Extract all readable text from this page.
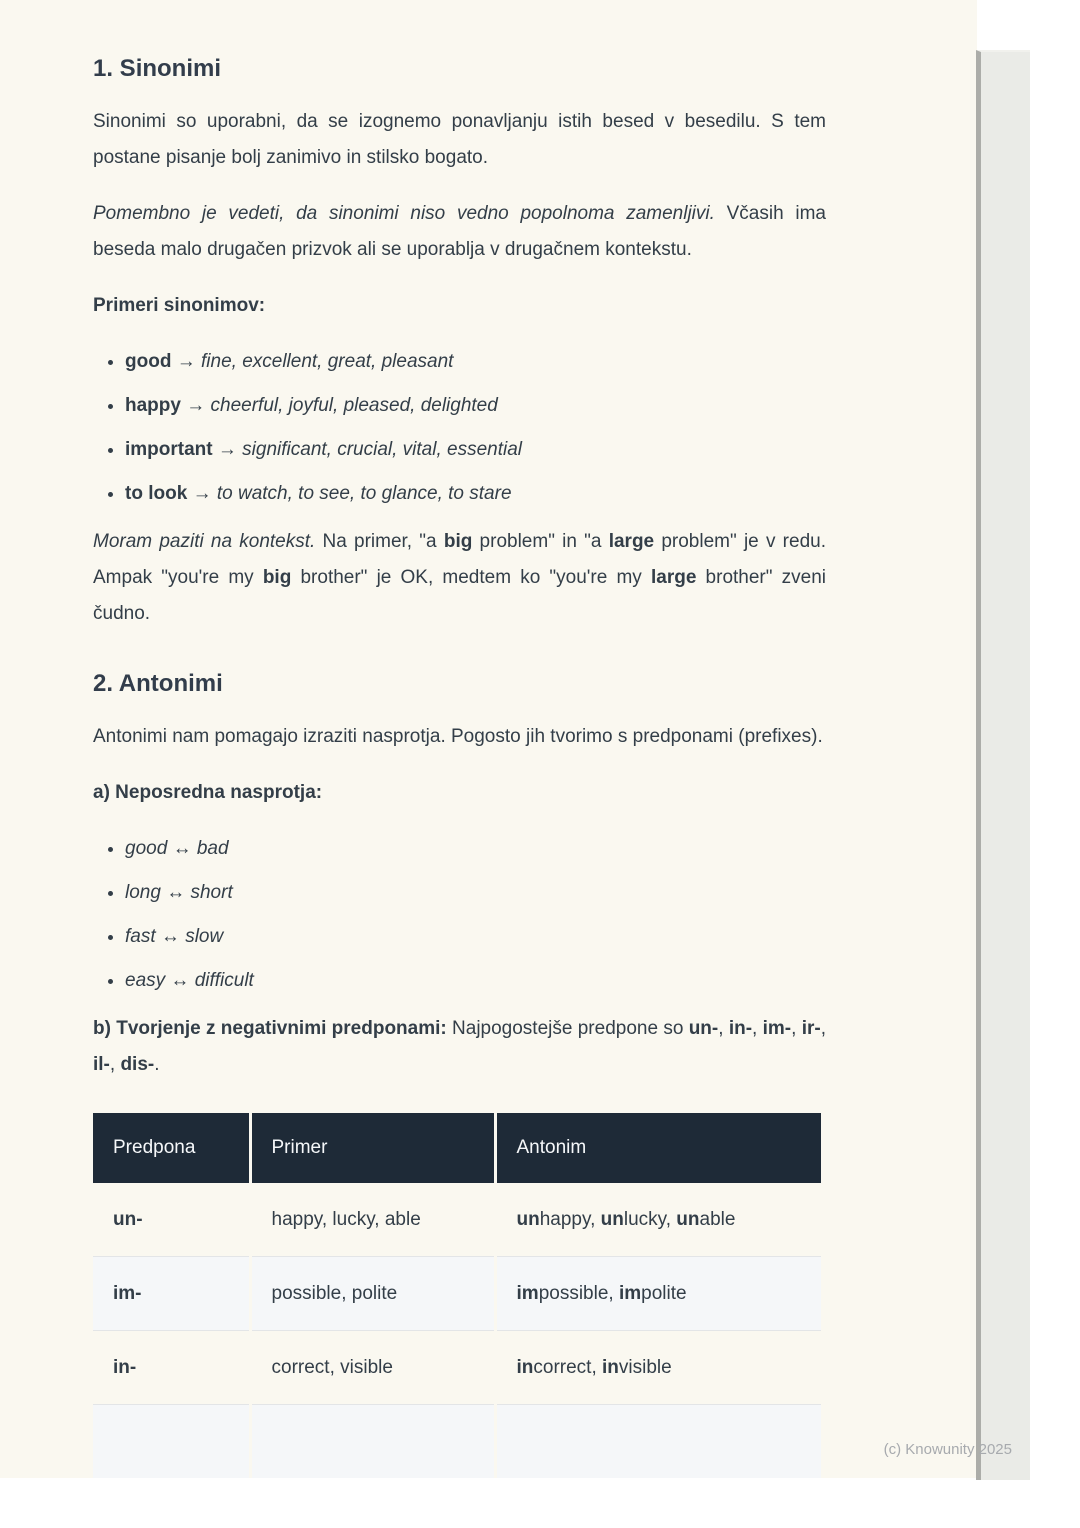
1. Sinonimi

Sinonimi so uporabni, da se izognemo ponavljanju istih besed v besedilu. S tem postane pisanje bolj zanimivo in stilsko bogato.

Pomembno je vedeti, da sinonimi niso vedno popolnoma zamenljivi. Včasih ima beseda malo drugačen prizvok ali se uporablja v drugačnem kontekstu.

Primeri sinonimov:

• good → fine, excellent, great, pleasant
• happy → cheerful, joyful, pleased, delighted
• important → significant, crucial, vital, essential
• to look → to watch, to see, to glance, to stare

Moram paziti na kontekst. Na primer, "a big problem" in "a large problem" je v redu. Ampak "you're my big brother" je OK, medtem ko "you're my large brother" zveni čudno.

2. Antonimi

Antonimi nam pomagajo izraziti nasprotja. Pogosto jih tvorimo s predponami (prefixes).

a) Neposredna nasprotja:

• good ↔ bad
• long ↔ short
• fast ↔ slow
• easy ↔ difficult

b) Tvorjenje z negativnimi predponami: Najpogostejše predpone so un-, in-, im-, ir-, il-, dis-.

Predpona	Primer	Antonim
un-	happy, lucky, able	unhappy, unlucky, unable
im-	possible, polite	impossible, impolite
in-	correct, visible	incorrect, invisible

(c) Knowunity 2025
